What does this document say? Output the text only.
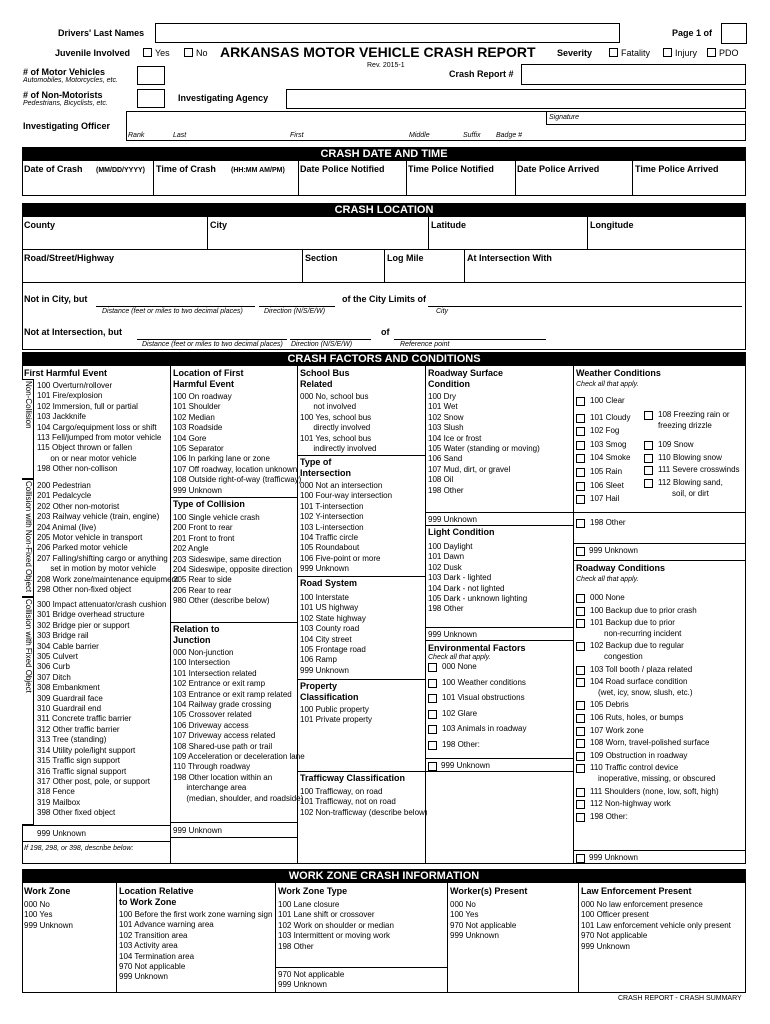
Drivers' Last Names	Page 1 of
Juvenile Involved	Yes	No ARKANSAS MOTOR VEHICLE CRASH REPORT
Rev. 2015-1
Severity	Fatality	Injury PDO
# of Motor Vehicles
Automobiles, Motorcycles, etc.
Crash Report #
# of Non-Motorists
Pedestrians, Bicyclists, etc.
Investigating Agency
Signature
Investigating Officer
Rank	Last	First	Middle	Suffix Badge #
CRASH DATE AND TIME
Date of Crash (MM/DD/YYYY) Time of Crash (HH:MM AM/PM) Date Police Notified	Time Police Notified	Date Police Arrived	Time Police Arrived
CRASH LOCATION
County	City	Latitude	Longitude
Road/Street/Highway	Section	Log Mile	At Intersection With
Not in City, but	of the City Limits of
Distance (feet or miles to two decimal places)	Direction (N/S/E/W)	City
Not at Intersection, but	of
Distance (feet or miles to two decimal places) Direction (N/S/E/W)	Reference point
CRASH FACTORS AND CONDITIONS
First Harmful Event
Non-Collision 100 Overturn/rollover
101 Fire/explosion
102 Immersion, full or partial
103 Jackknife
104 Cargo/equipment loss or shift
113 Fell/jumped from motor vehicle
115 Object thrown or fallen
on or near motor vehicle
198 Other non-collison
Collision with Non-Fixed Object 200 Pedestrian
201 Pedalcycle
202 Other non-motorist
203 Railway vehicle (train, engine)
204 Animal (live)
205 Motor vehicle in transport
206 Parked motor vehicle
207 Falling/shifting cargo or anything
set in motion by motor vehicle
208 Work zone/maintenance equipment
298 Other non-fixed object
Collision with Fixed Object 300 Impact attenuator/crash cushion
301 Bridge overhead structure
302 Bridge pier or support
303 Bridge rail
304 Cable barrier
305 Culvert
306 Curb
307 Ditch
308 Embankment
309 Guardrail face
310 Guardrail end
311 Concrete traffic barrier
312 Other traffic barrier
313 Tree (standing)
314 Utility pole/light support
315 Traffic sign support
316 Traffic signal support
317 Other post, pole, or support
318 Fence
319 Mailbox
398 Other fixed object
999 Unknown
If 198, 298, or 398, describe below:
Location of First
Harmful Event
100 On roadway
101 Shoulder
102 Median
103 Roadside
104 Gore
105 Separator
106 In parking lane or zone
107 Off roadway, location unknown
108 Outside right-of-way (trafficway)
999 Unknown
Type of Collision
100 Single vehicle crash
200 Front to rear
201 Front to front
202 Angle
203 Sideswipe, same direction
204 Sideswipe, opposite direction
205 Rear to side
206 Rear to rear
980 Other (describe below)
Relation to
Junction
000 Non-junction
100 Intersection
101 Intersection related
102 Entrance or exit ramp
103 Entrance or exit ramp related
104 Railway grade crossing
105 Crossover related
106 Driveway access
107 Driveway access related
108 Shared-use path or trail
109 Acceleration or deceleration lane
110 Through roadway
198 Other location within an
interchange area
(median, shoulder, and roadside)
999 Unknown
School Bus
Related
000 No, school bus
not involved
100 Yes, school bus
directly involved
101 Yes, school bus
indirectly involved
Type of
Intersection
000 Not an intersection
100 Four-way intersection
101 T-intersection
102 Y-intersection
103 L-intersection
104 Traffic circle
105 Roundabout
106 Five-point or more
999 Unknown
Road System
100 Interstate
101 US highway
102 State highway
103 County road
104 City street
105 Frontage road
106 Ramp
999 Unknown
Property
Classification
100 Public property
101 Private property
Trafficway Classification
100 Trafficway, on road
101 Trafficway, not on road
102 Non-trafficway (describe below)
Roadway Surface
Condition
100 Dry
101 Wet
102 Snow
103 Slush
104 Ice or frost
105 Water (standing or moving)
106 Sand
107 Mud, dirt, or gravel
108 Oil
198 Other
999 Unknown
Light Condition
100 Daylight
101 Dawn
102 Dusk
103 Dark - lighted
104 Dark - not lighted
105 Dark - unknown lighting
198 Other
999 Unknown
Environmental Factors
Check all that apply.
000 None
100 Weather conditions
101 Visual obstructions
102 Glare
103 Animals in roadway
198 Other:
999 Unknown
Weather Conditions
Check all that apply.
100 Clear
101 Cloudy
102 Fog
103 Smog
104 Smoke
105 Rain
106 Sleet
107 Hail
108 Freezing rain or
freezing drizzle
109 Snow
110 Blowing snow
111 Severe crosswinds
112 Blowing sand,
soil, or dirt
198 Other
999 Unknown
Roadway Conditions
Check all that apply.
000 None
100 Backup due to prior crash
101 Backup due to prior
non-recurring incident
102 Backup due to regular
congestion
103 Toll booth / plaza related
104 Road surface condition
(wet, icy, snow, slush, etc.)
105 Debris
106 Ruts, holes, or bumps
107 Work zone
108 Worn, travel-polished surface
109 Obstruction in roadway
110 Traffic control device
inoperative, missing, or obscured
111 Shoulders (none, low, soft, high)
112 Non-highway work
198 Other:
999 Unknown
WORK ZONE CRASH INFORMATION
Work Zone
000 No
100 Yes
999 Unknown
Location Relative
to Work Zone
100 Before the first work zone warning sign
101 Advance warning area
102 Transition area
103 Activity area
104 Termination area
970 Not applicable
999 Unknown
Work Zone Type
100 Lane closure
101 Lane shift or crossover
102 Work on shoulder or median
103 Intermittent or moving work
198 Other
970 Not applicable
999 Unknown
Worker(s) Present
000 No
100 Yes
970 Not applicable
999 Unknown
Law Enforcement Present
000 No law enforcement presence
100 Officer present
101 Law enforcement vehicle only present
970 Not applicable
999 Unknown
CRASH REPORT - CRASH SUMMARY
